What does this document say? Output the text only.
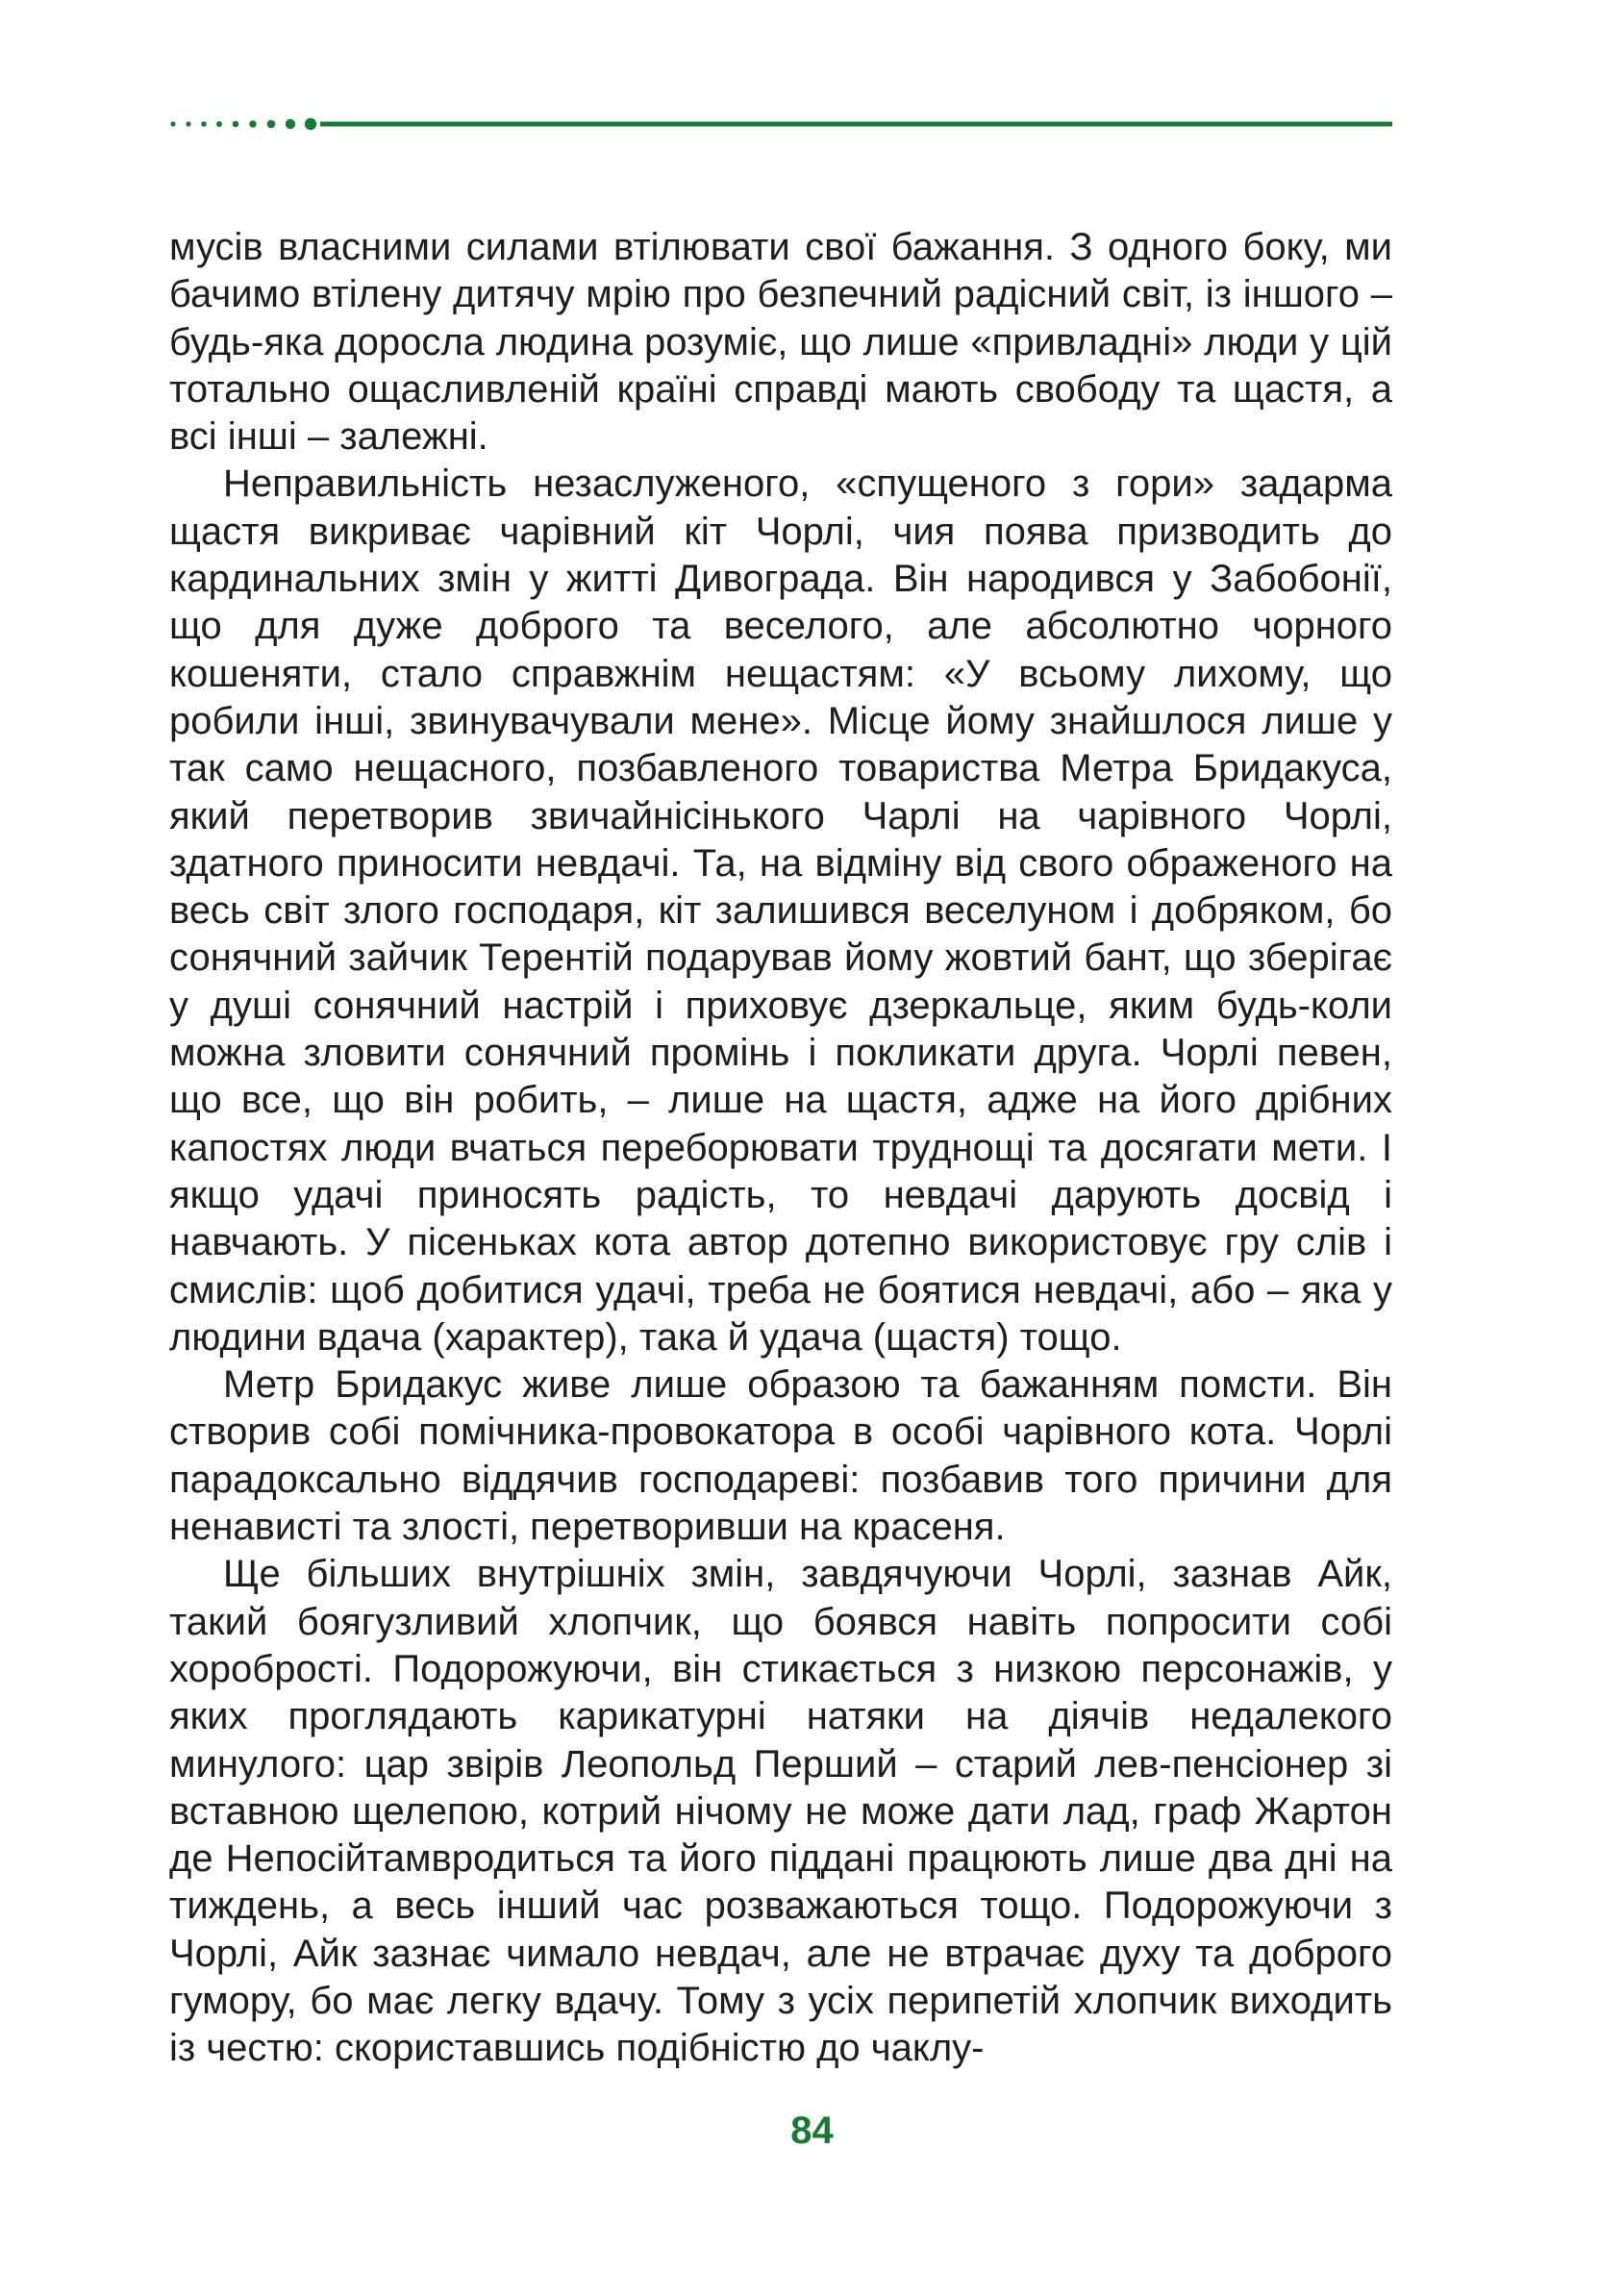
мусів власними силами втілювати свої бажання. З одного боку, ми бачимо втілену дитячу мрію про безпечний радісний світ, із іншого – будь-яка доросла людина розуміє, що лише «привладні» люди у цій тотально ощасливленій країні справді мають свободу та щастя, а всі інші – залежні.

Неправильність незаслуженого, «спущеного з гори» задарма щастя викриває чарівний кіт Чорлі, чия поява призводить до кардинальних змін у житті Дивограда. Він народився у Забобонії, що для дуже доброго та веселого, але абсолютно чорного кошеняти, стало справжнім нещастям: «У всьому лихому, що робили інші, звинувачували мене». Місце йому знайшлося лише у так само нещасного, позбавленого товариства Метра Бридакуса, який перетворив звичайнісінького Чарлі на чарівного Чорлі, здатного приносити невдачі. Та, на відміну від свого ображеного на весь світ злого господаря, кіт залишився веселуном і добряком, бо сонячний зайчик Терентій подарував йому жовтий бант, що зберігає у душі сонячний настрій і приховує дзеркальце, яким будь-коли можна зловити сонячний промінь і покликати друга. Чорлі певен, що все, що він робить, – лише на щастя, адже на його дрібних капостях люди вчаться переборювати труднощі та досягати мети. І якщо удачі приносять радість, то невдачі дарують досвід і навчають. У пісеньках кота автор дотепно використовує гру слів і смислів: щоб добитися удачі, треба не боятися невдачі, або – яка у людини вдача (характер), така й удача (щастя) тощо.

Метр Бридакус живе лише образою та бажанням помсти. Він створив собі помічника-провокатора в особі чарівного кота. Чорлі парадоксально віддячив господареві: позбавив того причини для ненависті та злості, перетворивши на красеня.

Ще більших внутрішніх змін, завдячуючи Чорлі, зазнав Айк, такий боягузливий хлопчик, що боявся навіть попросити собі хоробрості. Подорожуючи, він стикається з низкою персонажів, у яких проглядають карикатурні натяки на діячів недалекого минулого: цар звірів Леопольд Перший – старий лев-пенсіонер зі вставною щелепою, котрий нічому не може дати лад, граф Жартон де Непосійтамвродиться та його піддані працюють лише два дні на тиждень, а весь інший час розважаються тощо. Подорожуючи з Чорлі, Айк зазнає чимало невдач, але не втрачає духу та доброго гумору, бо має легку вдачу. Тому з усіх перипетій хлопчик виходить із честю: скориставшись подібністю до чаклу-

84
